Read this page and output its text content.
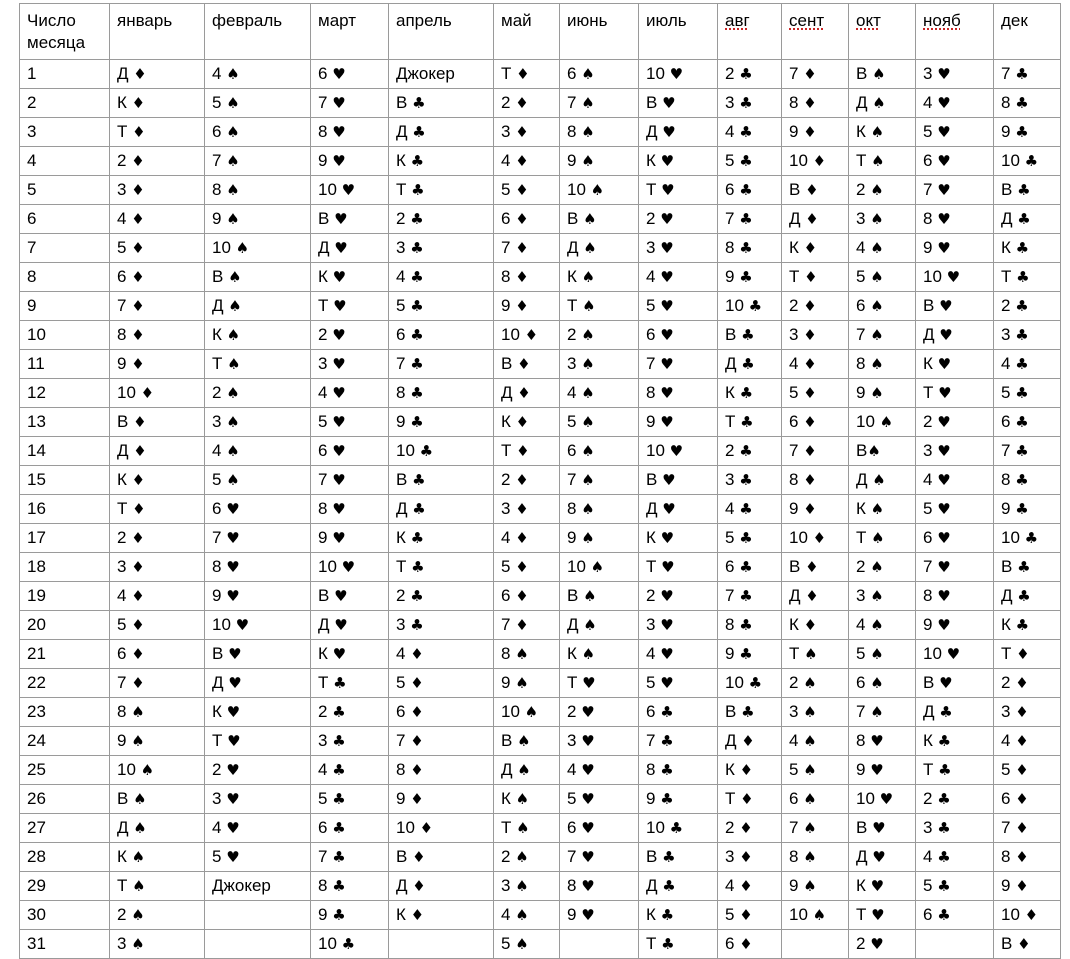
Число месяца	январь	февраль	март	апрель	май	июнь	июль	авг	сент	окт	нояб	дек
1	Д ♦	4 ♠	6 ♥	Джокер	Т ♦	6 ♠	10 ♥	2 ♣	7 ♦	В ♠	3 ♥	7 ♣
2	К ♦	5 ♠	7 ♥	В ♣	2 ♦	7 ♠	В ♥	3 ♣	8 ♦	Д ♠	4 ♥	8 ♣
3	Т ♦	6 ♠	8 ♥	Д ♣	3 ♦	8 ♠	Д ♥	4 ♣	9 ♦	К ♠	5 ♥	9 ♣
4	2 ♦	7 ♠	9 ♥	К ♣	4 ♦	9 ♠	К ♥	5 ♣	10 ♦	Т ♠	6 ♥	10 ♣
5	3 ♦	8 ♠	10 ♥	Т ♣	5 ♦	10 ♠	Т ♥	6 ♣	В ♦	2 ♠	7 ♥	В ♣
6	4 ♦	9 ♠	В ♥	2 ♣	6 ♦	В ♠	2 ♥	7 ♣	Д ♦	3 ♠	8 ♥	Д ♣
7	5 ♦	10 ♠	Д ♥	3 ♣	7 ♦	Д ♠	3 ♥	8 ♣	К ♦	4 ♠	9 ♥	К ♣
8	6 ♦	В ♠	К ♥	4 ♣	8 ♦	К ♠	4 ♥	9 ♣	Т ♦	5 ♠	10 ♥	Т ♣
9	7 ♦	Д ♠	Т ♥	5 ♣	9 ♦	Т ♠	5 ♥	10 ♣	2 ♦	6 ♠	В ♥	2 ♣
10	8 ♦	К ♠	2 ♥	6 ♣	10 ♦	2 ♠	6 ♥	В ♣	3 ♦	7 ♠	Д ♥	3 ♣
11	9 ♦	Т ♠	3 ♥	7 ♣	В ♦	3 ♠	7 ♥	Д ♣	4 ♦	8 ♠	К ♥	4 ♣
12	10 ♦	2 ♠	4 ♥	8 ♣	Д ♦	4 ♠	8 ♥	К ♣	5 ♦	9 ♠	Т ♥	5 ♣
13	В ♦	3 ♠	5 ♥	9 ♣	К ♦	5 ♠	9 ♥	Т ♣	6 ♦	10 ♠	2 ♥	6 ♣
14	Д ♦	4 ♠	6 ♥	10 ♣	Т ♦	6 ♠	10 ♥	2 ♣	7 ♦	В♠	3 ♥	7 ♣
15	К ♦	5 ♠	7 ♥	В ♣	2 ♦	7 ♠	В ♥	3 ♣	8 ♦	Д ♠	4 ♥	8 ♣
16	Т ♦	6 ♥	8 ♥	Д ♣	3 ♦	8 ♠	Д ♥	4 ♣	9 ♦	К ♠	5 ♥	9 ♣
17	2 ♦	7 ♥	9 ♥	К ♣	4 ♦	9 ♠	К ♥	5 ♣	10 ♦	Т ♠	6 ♥	10 ♣
18	3 ♦	8 ♥	10 ♥	Т ♣	5 ♦	10 ♠	Т ♥	6 ♣	В ♦	2 ♠	7 ♥	В ♣
19	4 ♦	9 ♥	В ♥	2 ♣	6 ♦	В ♠	2 ♥	7 ♣	Д ♦	3 ♠	8 ♥	Д ♣
20	5 ♦	10 ♥	Д ♥	3 ♣	7 ♦	Д ♠	3 ♥	8 ♣	К ♦	4 ♠	9 ♥	К ♣
21	6 ♦	В ♥	К ♥	4 ♦	8 ♠	К ♠	4 ♥	9 ♣	Т ♠	5 ♠	10 ♥	Т ♦
22	7 ♦	Д ♥	Т ♣	5 ♦	9 ♠	Т ♥	5 ♥	10 ♣	2 ♠	6 ♠	В ♥	2 ♦
23	8 ♠	К ♥	2 ♣	6 ♦	10 ♠	2 ♥	6 ♣	В ♣	3 ♠	7 ♠	Д ♣	3 ♦
24	9 ♠	Т ♥	3 ♣	7 ♦	В ♠	3 ♥	7 ♣	Д ♦	4 ♠	8 ♥	К ♣	4 ♦
25	10 ♠	2 ♥	4 ♣	8 ♦	Д ♠	4 ♥	8 ♣	К ♦	5 ♠	9 ♥	Т ♣	5 ♦
26	В ♠	3 ♥	5 ♣	9 ♦	К ♠	5 ♥	9 ♣	Т ♦	6 ♠	10 ♥	2 ♣	6 ♦
27	Д ♠	4 ♥	6 ♣	10 ♦	Т ♠	6 ♥	10 ♣	2 ♦	7 ♠	В ♥	3 ♣	7 ♦
28	К ♠	5 ♥	7 ♣	В ♦	2 ♠	7 ♥	В ♣	3 ♦	8 ♠	Д ♥	4 ♣	8 ♦
29	Т ♠	Джокер	8 ♣	Д ♦	3 ♠	8 ♥	Д ♣	4 ♦	9 ♠	К ♥	5 ♣	9 ♦
30	2 ♠		9 ♣	К ♦	4 ♠	9 ♥	К ♣	5 ♦	10 ♠	Т ♥	6 ♣	10 ♦
31	3 ♠		10 ♣		5 ♠		Т ♣	6 ♦		2 ♥		В ♦
